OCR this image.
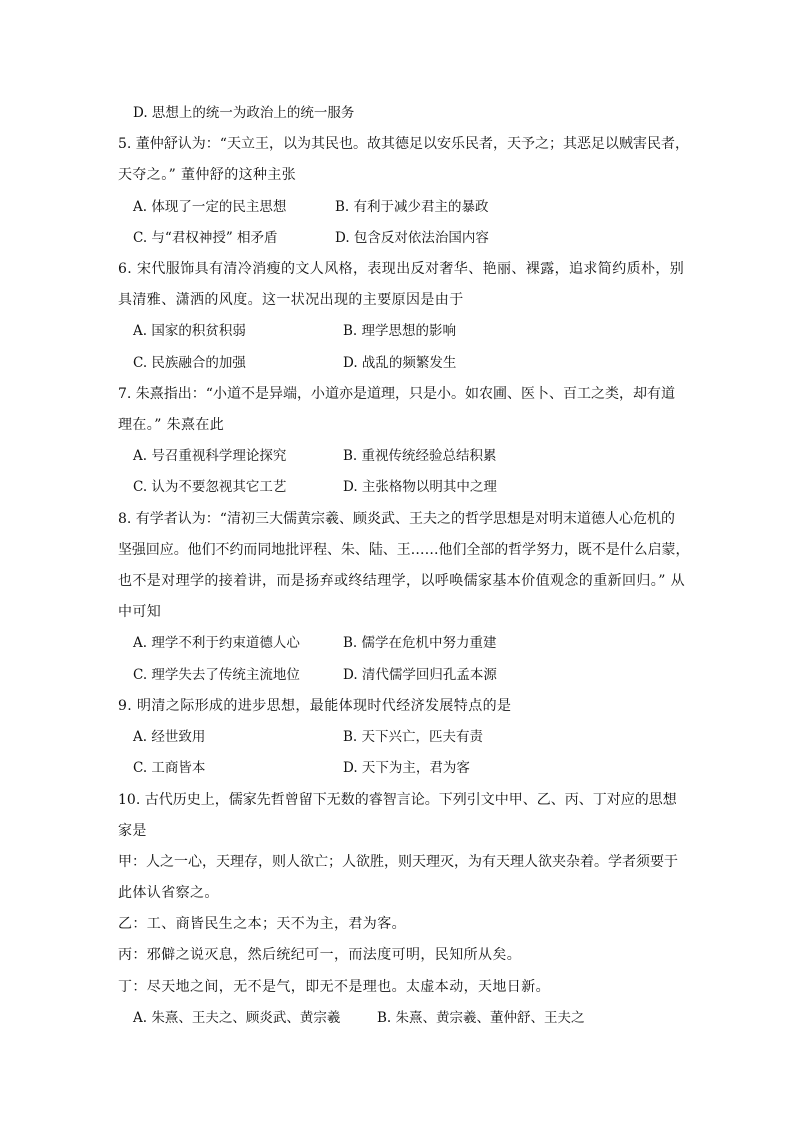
D. 思想上的统一为政治上的统一服务
5. 董仲舒认为：“天立王，以为其民也。故其德足以安乐民者，天予之；其恶足以贼害民者，
天夺之。” 董仲舒的这种主张
A. 体现了一定的民主思想	B. 有利于减少君主的暴政
C. 与“君权神授” 相矛盾	D. 包含反对依法治国内容
6. 宋代服饰具有清冷消瘦的文人风格，表现出反对奢华、艳丽、裸露，追求简约质朴，别
具清雅、潇洒的风度。这一状况出现的主要原因是由于
A. 国家的积贫积弱	B. 理学思想的影响
C. 民族融合的加强	D. 战乱的频繁发生
7. 朱熹指出：“小道不是异端，小道亦是道理，只是小。如农圃、医卜、百工之类，却有道
理在。” 朱熹在此
A. 号召重视科学理论探究	B. 重视传统经验总结积累
C. 认为不要忽视其它工艺	D. 主张格物以明其中之理
8. 有学者认为：“清初三大儒黄宗羲、顾炎武、王夫之的哲学思想是对明末道德人心危机的
坚强回应。他们不约而同地批评程、朱、陆、王……他们全部的哲学努力，既不是什么启蒙，
也不是对理学的接着讲，而是扬弃或终结理学，以呼唤儒家基本价值观念的重新回归。” 从
中可知
A. 理学不利于约束道德人心	B. 儒学在危机中努力重建
C. 理学失去了传统主流地位	D. 清代儒学回归孔孟本源
9. 明清之际形成的进步思想，最能体现时代经济发展特点的是
A. 经世致用	B. 天下兴亡，匹夫有责
C. 工商皆本	D. 天下为主，君为客
10. 古代历史上，儒家先哲曾留下无数的睿智言论。下列引文中甲、乙、丙、丁对应的思想
家是
甲：人之一心，天理存，则人欲亡；人欲胜，则天理灭，为有天理人欲夹杂着。学者须要于
此体认省察之。
乙：工、商皆民生之本；天不为主，君为客。
丙：邪僻之说灭息，然后统纪可一，而法度可明，民知所从矣。
丁：尽天地之间，无不是气，即无不是理也。太虚本动，天地日新。
A. 朱熹、王夫之、顾炎武、黄宗羲	B. 朱熹、黄宗羲、董仲舒、王夫之
